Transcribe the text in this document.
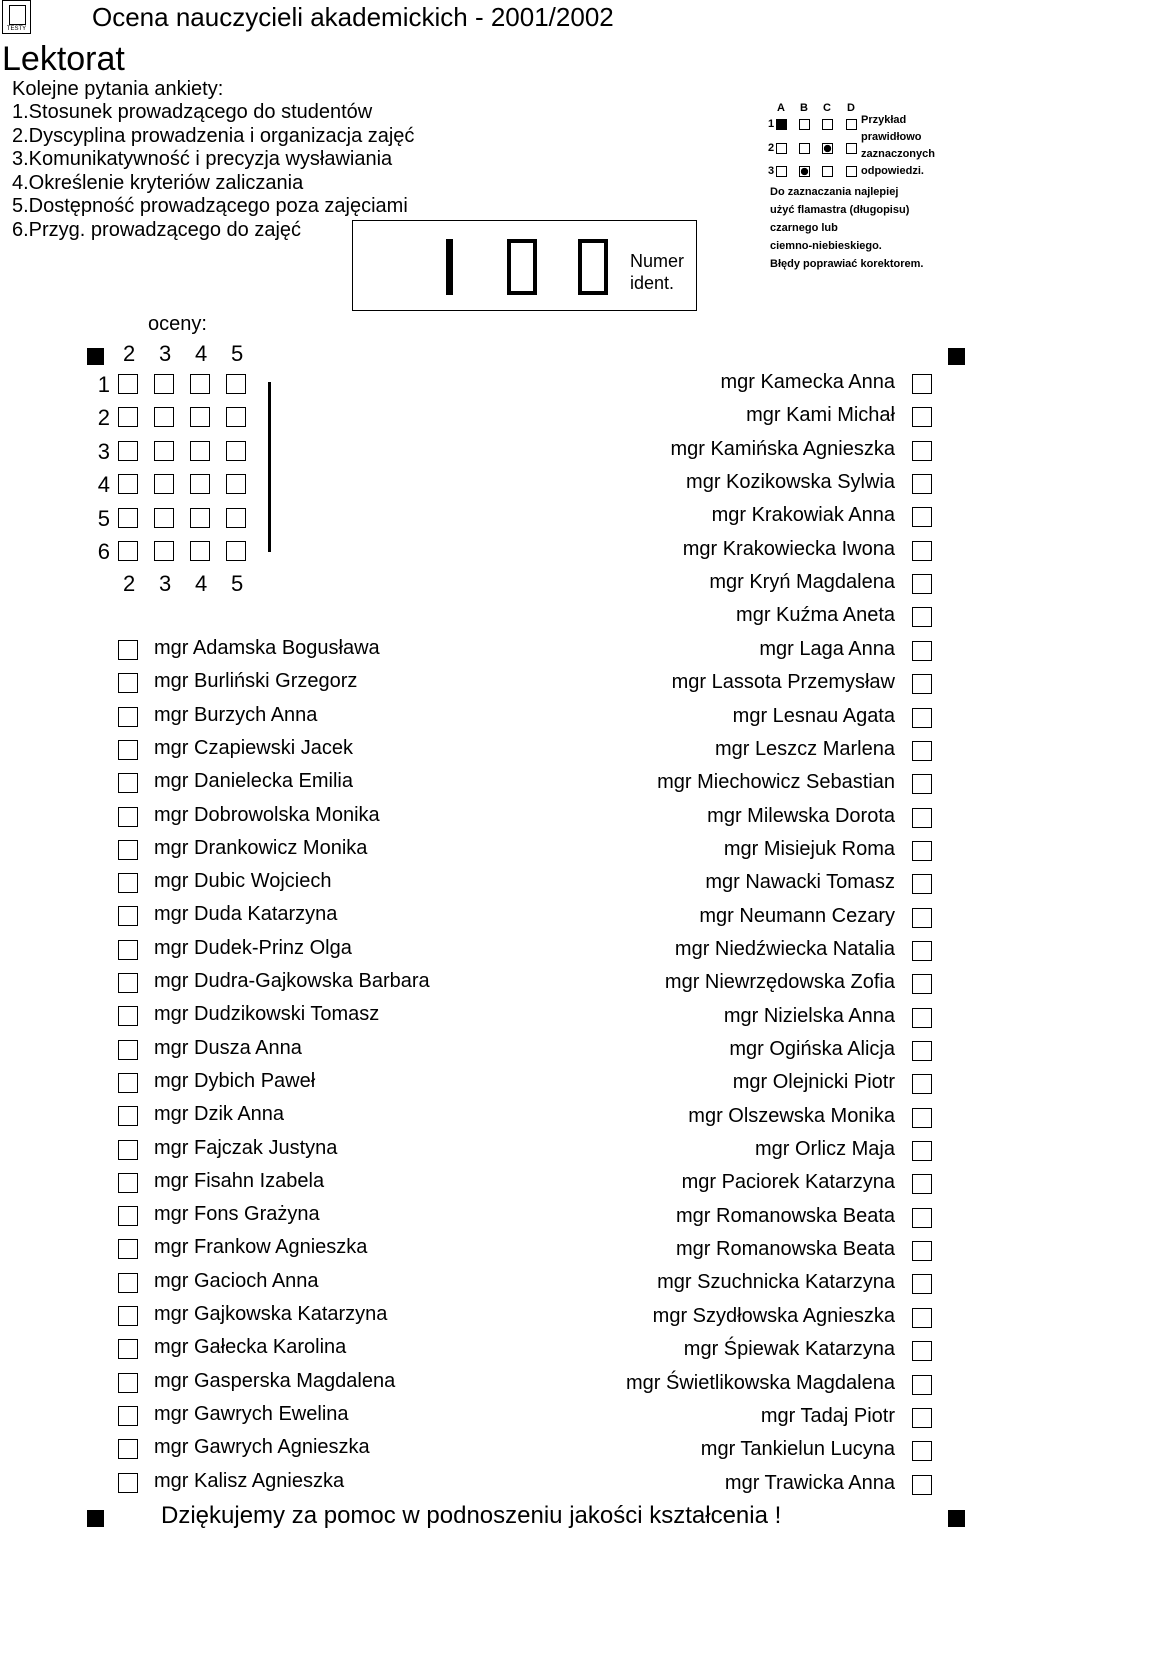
TESTY	Ocena nauczycieli akademickich - 2001/2002
Lektorat
Kolejne pytania ankiety:
1.Stosunek prowadzącego do studentów
2.Dyscyplina prowadzenia i organizacja zajęć
3.Komunikatywność i precyzja wysławiania
4.Określenie kryteriów zaliczania
5.Dostępność prowadzącego poza zajęciami
6.Przyg. prowadzącego do zajęć
Numer
ident.
A B C D
1
2
3
Przykład
prawidłowo
zaznaczonych
odpowiedzi.
Do zaznaczania najlepiej
użyć flamastra (długopisu)
czarnego lub
ciemno-niebieskiego.
Błędy poprawiać korektorem.
oceny:
2
2
3
3
4
4
5
5
1
2
3
4
5
6
mgr Adamska Bogusława
mgr Burliński Grzegorz
mgr Burzych Anna
mgr Czapiewski Jacek
mgr Danielecka Emilia
mgr Dobrowolska Monika
mgr Drankowicz Monika
mgr Dubic Wojciech
mgr Duda Katarzyna
mgr Dudek-Prinz Olga
mgr Dudra-Gajkowska Barbara
mgr Dudzikowski Tomasz
mgr Dusza Anna
mgr Dybich Paweł
mgr Dzik Anna
mgr Fajczak Justyna
mgr Fisahn Izabela
mgr Fons Grażyna
mgr Frankow Agnieszka
mgr Gacioch Anna
mgr Gajkowska Katarzyna
mgr Gałecka Karolina
mgr Gasperska Magdalena
mgr Gawrych Ewelina
mgr Gawrych Agnieszka
mgr Kalisz Agnieszka
mgr Kamecka Anna
mgr Kami Michał
mgr Kamińska Agnieszka
mgr Kozikowska Sylwia
mgr Krakowiak Anna
mgr Krakowiecka Iwona
mgr Kryń Magdalena
mgr Kuźma Aneta
mgr Laga Anna
mgr Lassota Przemysław
mgr Lesnau Agata
mgr Leszcz Marlena
mgr Miechowicz Sebastian
mgr Milewska Dorota
mgr Misiejuk Roma
mgr Nawacki Tomasz
mgr Neumann Cezary
mgr Niedźwiecka Natalia
mgr Niewrzędowska Zofia
mgr Nizielska Anna
mgr Ogińska Alicja
mgr Olejnicki Piotr
mgr Olszewska Monika
mgr Orlicz Maja
mgr Paciorek Katarzyna
mgr Romanowska Beata
mgr Romanowska Beata
mgr Szuchnicka Katarzyna
mgr Szydłowska Agnieszka
mgr Śpiewak Katarzyna
mgr Świetlikowska Magdalena
mgr Tadaj Piotr
mgr Tankielun Lucyna
mgr Trawicka Anna
Dziękujemy za pomoc w podnoszeniu jakości kształcenia !
